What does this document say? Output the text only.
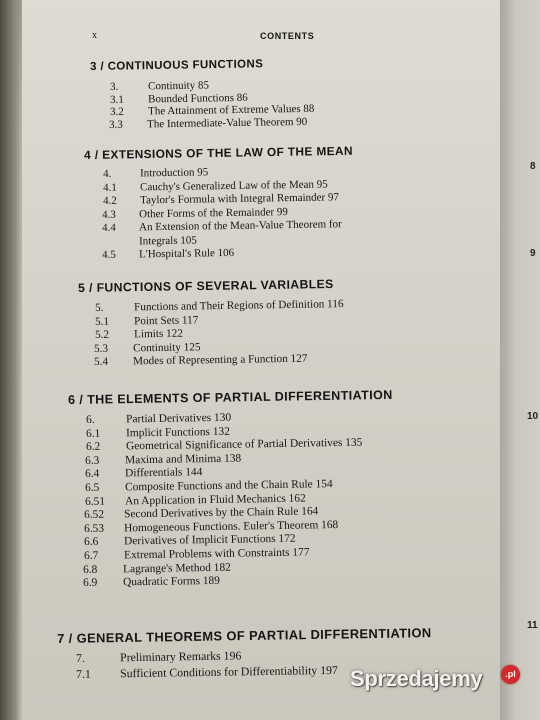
x	CONTENTS
3 / CONTINUOUS FUNCTIONS
3.	Continuity 85
3.1 Bounded Functions 86
3.2 The Attainment of Extreme Values 88
3.3 The Intermediate-Value Theorem 90
4 / EXTENSIONS OF THE LAW OF THE MEAN
4.	Introduction 95
4.1 Cauchy's Generalized Law of the Mean 95
4.2 Taylor's Formula with Integral Remainder 97
4.3 Other Forms of the Remainder 99
4.4 An Extension of the Mean-Value Theorem for
Integrals 105
4.5 L'Hospital's Rule 106
5 / FUNCTIONS OF SEVERAL VARIABLES
5.	Functions and Their Regions of Definition 116
5.1 Point Sets 117
5.2 Limits 122
5.3 Continuity 125
5.4 Modes of Representing a Function 127
6 / THE ELEMENTS OF PARTIAL DIFFERENTIATION
6.	Partial Derivatives 130
6.1 Implicit Functions 132
6.2 Geometrical Significance of Partial Derivatives 135
6.3 Maxima and Minima 138
6.4 Differentials 144
6.5 Composite Functions and the Chain Rule 154
6.51 An Application in Fluid Mechanics 162
6.52 Second Derivatives by the Chain Rule 164
6.53 Homogeneous Functions. Euler's Theorem 168
6.6 Derivatives of Implicit Functions 172
6.7 Extremal Problems with Constraints 177
6.8 Lagrange's Method 182
6.9 Quadratic Forms 189
7 / GENERAL THEOREMS OF PARTIAL DIFFERENTIATION
7.	Preliminary Remarks 196
7.1 Sufficient Conditions for Differentiability 197
8
9
10
11
Sprzedajemy	.pl
